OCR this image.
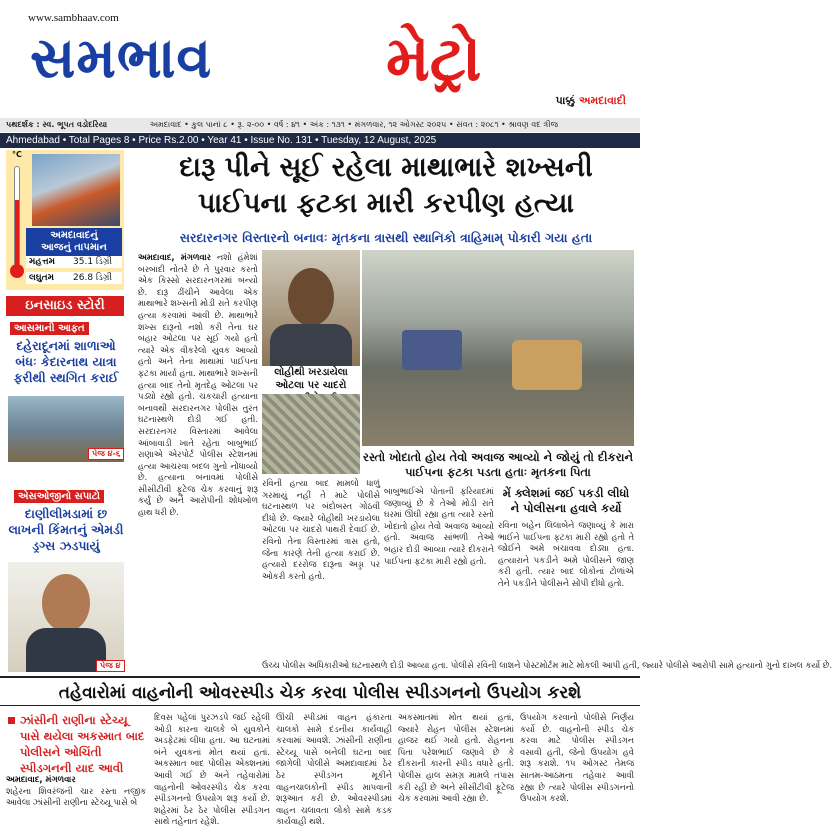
www.sambhaav.com
સમભાવ	મેટ્રો
પાક્કું અમદાવાદી
પથદર્શક : સ્વ. ભૂપત વડોદરિયા	અમદાવાદ • કુલ પાનાં ૮ • રૂ. ૨-૦૦ • વર્ષ : ૪૧ • અંક : ૧૩૧ • મંગળવાર, ૧૨ ઓગસ્ટ ૨૦૨૫ • સંવત : ૨૦૮૧ • શ્રાવણ વદ ત્રીજ
Ahmedabad • Total Pages 8 • Price Rs.2.00 • Year 41 • Issue No. 131 • Tuesday, 12 August, 2025
°C
અમદાવાદનું
આજનું તાપમાન
મહત્તમ 35.1 ડિગ્રી
લઘુતમ 26.8 ડિગ્રી
ઇનસાઇડ સ્ટોરી
આસમાની આફત
દહેરાદૂનમાં શાળાઓ બંધઃ કેદારનાથ યાત્રા ફરીથી સ્થગિત કરાઈ
પેજ ૪-૬
એસઓજીનો સપાટો
દાણીલીમડામાં છ લાખની કિંમતનું એમડી ડ્રગ્સ ઝડપાયું
પેજ ૪
દારૂ પીને સૂઈ રહેલા માથાભારે શખ્સની
પાઈપના ફટકા મારી કરપીણ હત્યા
સરદારનગર વિસ્તારનો બનાવઃ મૃતકના ત્રાસથી સ્થાનિકો ત્રાહિમામ્ પોકારી ગયા હતા
અમદાવાદ, મંગળવાર નશો હંમેશાં બરબાદી નોતરે છે તે પુરવાર કરતો એક કિસ્સો સરદારનગરમાં બન્યો છે. દારૂ ઢીંચીને આવેલા એક માથાભારે શખ્સની મોડી રાતે કરપીણ હત્યા કરવામાં આવી છે. માથાભારે શખ્સ દારૂનો નશો કરી તેના ઘર બહાર ઓટલા પર સૂઈ ગયો હતો ત્યારે એક વીકરેલો યુવક આવ્યો હતો અને તેના માથામાં પાઈપના ફટકા માર્યા હતા. માથાભારે શખ્સની હત્યા બાદ તેનો મૃતદેહ ઓટલા પર પડ્યો રહ્યો હતો. ચકચારી હત્યાના બનાવથી સરદારનગર પોલીસ તુરંત ઘટનાસ્થળે દોડી ગઈ હતી. સરદારનગર વિસ્તારમાં આવેલા આંબાવાડી ખાતે રહેતા બાબુભાઈ રાણાએ એરપોર્ટ પોલીસ સ્ટેશનમાં હત્યા આચરવા બદલ ગુનો નોંધાવ્યો છે. હત્યાના બનાવમાં પોલીસે સીસીટીવી ફૂટેજ ચેક કરવાનું શરૂ કર્યું છે અને આરોપીની શોધખોળ હાથ ધરી છે.
લોહીથી ખરડાયેલા ઓટલા પર ચાદરો
રસ્તો ખોદાતો હોય તેવો અવાજ આવ્યો ને જોયું તો દીકરાને પાઈપના ફટકા પડતા હતાઃ મૃતકના પિતા
રવિની હત્યા બાદ મામલો ધાળું ગરમાયું નહીં તે માટે પોલીસે ઘટનાસ્થળ પર બંદોબસ્ત ગોઠવી દીધો છે. જ્યારે લોહીથી ખરડાયેલા ઓટલા પર ચાદરો પાથરી દેવાઈ છે. રવિનો તેના વિસ્તારમાં ત્રાસ હતો, જેના કારણે તેની હત્યા કરાઈ છે. હત્યારો દરરોજ દારૂના અડ્ડા પર ઓકરી કરતો હતો.
બાબુભાઈએ પોતાની ફરિયાદમાં જણાવ્યું છે કે તેઓ મોડી રાતે ઘરમાં ઊંઘી રહ્યા હતા ત્યારે રસ્તો ખોદાતો હોય તેવો અવાજ આવ્યો હતો. અવાજ સાંભળી તેઓ બહાર દોડી આવ્યા ત્યારે દીકરાને પાઈપના ફટકા મારી રહ્યો હતો.
મેં ક્લેશમાં જઈ પકડી લીધો ને પોલીસના હવાલે કર્યો
રવિના બહેન લિલાબેને જણાવ્યું કે મારા ભાઈને પાઈપના ફટકા મારી રહ્યો હતો તે જોઈને અમે બચાવવા દોડ્યા હતા. હત્યારાને પકડીને અમે પોલીસને જાણ કરી હતી. ત્યાર બાદ લોકોનાં ટોળાંએ તેને પકડીને પોલીસને સોંપી દીધો હતો.
ઉચ્ચ પોલીસ અધિકારીઓ ઘટનાસ્થળે દોડી આવ્યા હતા. પોલીસે રવિની લાશને પોસ્ટમોર્ટમ માટે મોકલી આપી હતી, જ્યારે પોલીસે આરોપી સામે હત્યાનો ગુનો દાખલ કર્યો છે.
તહેવારોમાં વાહનોની ઓવરસ્પીડ ચેક કરવા પોલીસ સ્પીડગનનો ઉપયોગ કરશે
ઝાંસીની રાણીના સ્ટેચ્યૂ પાસે થયેલા અકસ્માત બાદ પોલીસને ઓચિંતી સ્પીડગનની યાદ આવી
અમદાવાદ, મંગળવાર
શહેરના શિવરંજની ચાર રસ્તા નજીક આવેલા ઝાંસીની રાણીના સ્ટેચ્યૂ પાસે બે
દિવસ પહેલાં પુરઝડપે જઈ રહેલી ઓડી કારના ચાલકે બે યુવકોને અડફેટમાં લીધા હતા. આ ઘટનામાં બંને યુવકનાં મોત થયાં હતાં. અકસ્માત બાદ પોલીસ એક્શનમાં આવી ગઈ છે અને તહેવારોમાં વાહનોની ઓવરસ્પીડ ચેક કરવા સ્પીડગનનો ઉપયોગ શરૂ કર્યો છે. શહેરમાં ઠેર ઠેર પોલીસ સ્પીડગન સાથે તહેનાત રહેશે.
ઊંચી સ્પીડમાં વાહન હંકારતા ચાલકો સામે દંડનીય કાર્યવાહી કરવામાં આવશે. ઝાંસીની રાણીના સ્ટેચ્યૂ પાસે બનેલી ઘટના બાદ જાગેલી પોલીસે અમદાવાદમાં ઠેર ઠેર સ્પીડગન મૂકીને વાહનચાલકોની સ્પીડ માપવાની શરૂઆત કરી છે. ઓવરસ્પીડમાં વાહન ચલાવતા લોકો સામે કડક કાર્યવાહી થશે.
અકસ્માતમાં મોત થયાં હતાં, જ્યારે રોહન પોલીસ સ્ટેશનમાં હાજર થઈ ગયો હતો. રોહનના પિતા પરેશભાઈ જણાવે છે કે દીકરાની કારની સ્પીડ વધારે હતી. પોલીસ હાલ સમગ્ર મામલે તપાસ કરી રહી છે અને સીસીટીવી ફૂટેજ ચેક કરવામાં આવી રહ્યા છે.
ઉપયોગ કરવાનો પોલીસે નિર્ણય કર્યો છે. વાહનોની સ્પીડ ચેક કરવા માટે પોલીસ સ્પીડગન વસાવી હતી, જેનો ઉપયોગ હવે શરૂ કરાશે. ૧૫ ઓગસ્ટ તેમજ સાતમ-આઠમના તહેવાર આવી રહ્યા છે ત્યારે પોલીસ સ્પીડગનનો ઉપયોગ કરશે.
